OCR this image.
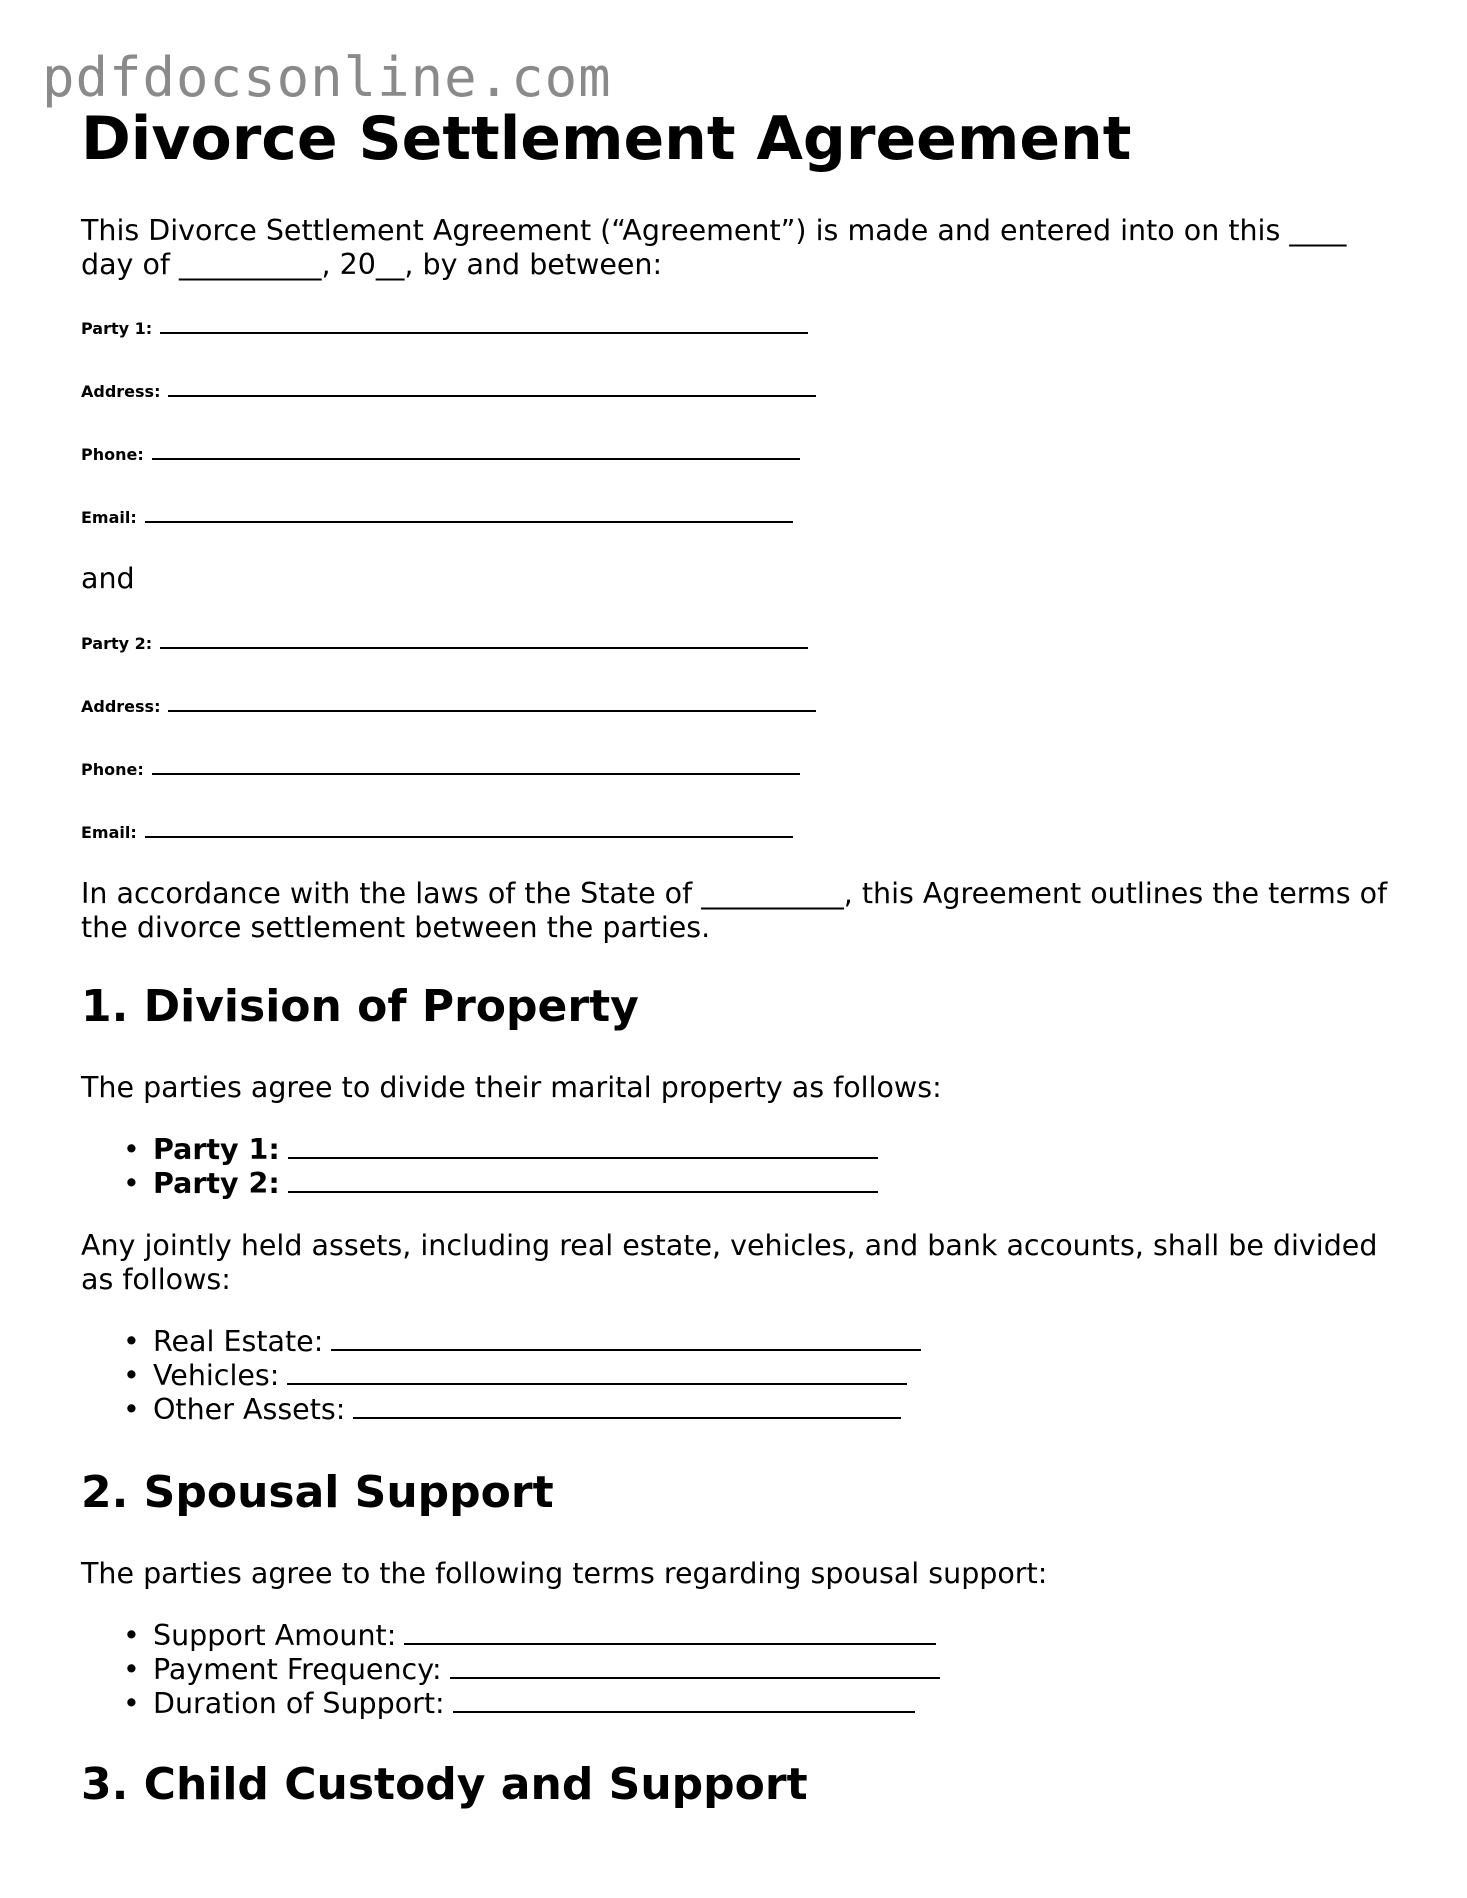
pdfdocsonline.com
Divorce Settlement Agreement

This Divorce Settlement Agreement (“Agreement”) is made and entered into on this ____ day of __________, 20__, by and between:

Party 1:
Address:
Phone:
Email:

and

Party 2:
Address:
Phone:
Email:

In accordance with the laws of the State of __________, this Agreement outlines the terms of the divorce settlement between the parties.

1. Division of Property

The parties agree to divide their marital property as follows:

• Party 1:
• Party 2:

Any jointly held assets, including real estate, vehicles, and bank accounts, shall be divided as follows:

• Real Estate:
• Vehicles:
• Other Assets:
2. Spousal Support

The parties agree to the following terms regarding spousal support:

• Support Amount:
• Payment Frequency:
• Duration of Support:
3. Child Custody and Support
